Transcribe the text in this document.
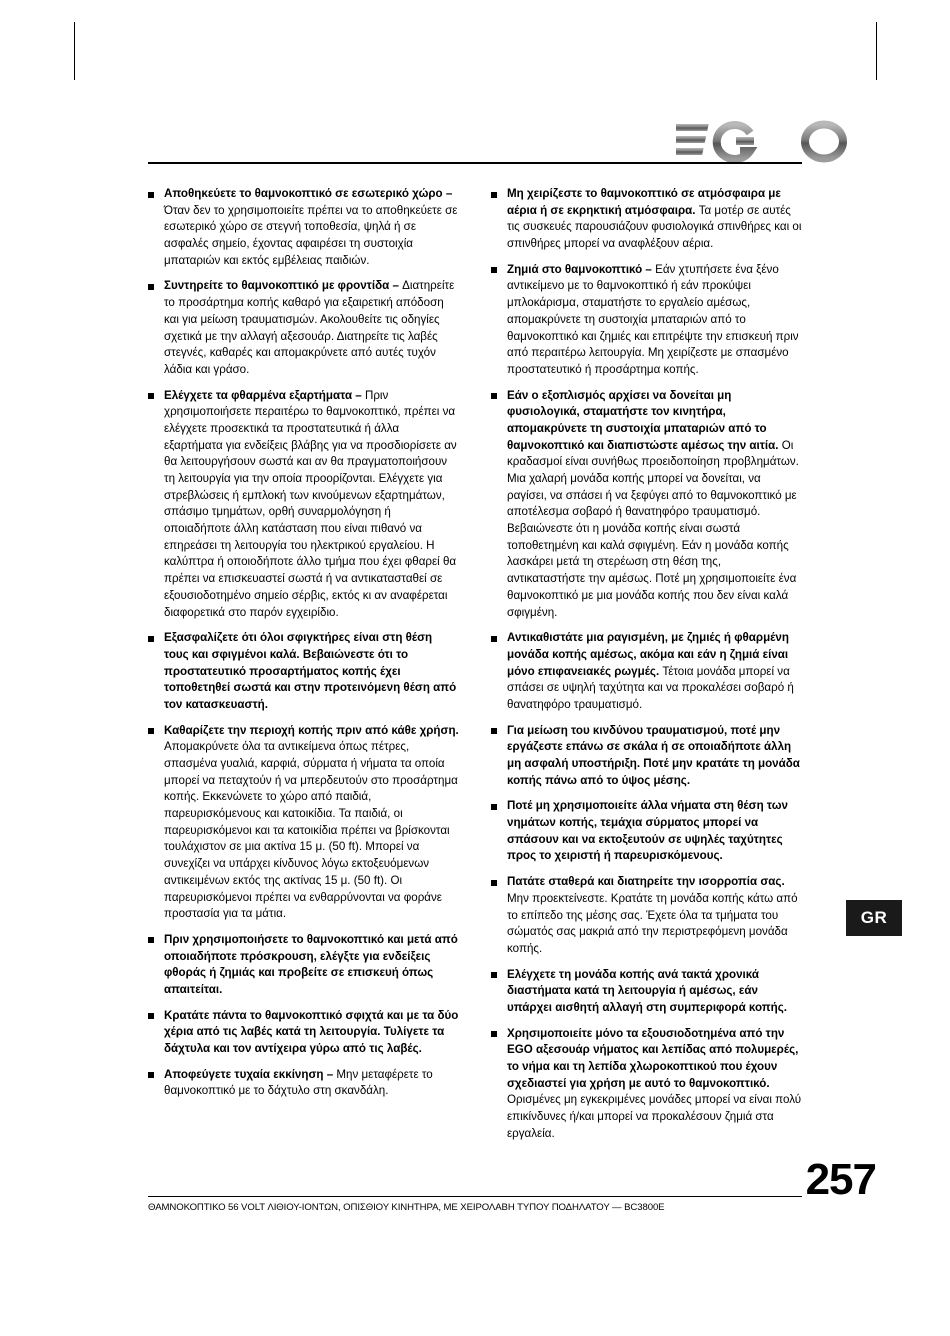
GR
Αποθηκεύετε το θαμνοκοπτικό σε εσωτερικό χώρο – Όταν δεν το χρησιμοποιείτε πρέπει να το αποθηκεύετε σε εσωτερικό χώρο σε στεγνή τοποθεσία, ψηλά ή σε ασφαλές σημείο, έχοντας αφαιρέσει τη συστοιχία μπαταριών και εκτός εμβέλειας παιδιών.
Συντηρείτε το θαμνοκοπτικό με φροντίδα – Διατηρείτε το προσάρτημα κοπής καθαρό για εξαιρετική απόδοση και για μείωση τραυματισμών. Ακολουθείτε τις οδηγίες σχετικά με την αλλαγή αξεσουάρ. Διατηρείτε τις λαβές στεγνές, καθαρές και απομακρύνετε από αυτές τυχόν λάδια και γράσο.
Ελέγχετε τα φθαρμένα εξαρτήματα – Πριν χρησιμοποιήσετε περαιτέρω το θαμνοκοπτικό, πρέπει να ελέγχετε προσεκτικά τα προστατευτικά ή άλλα εξαρτήματα για ενδείξεις βλάβης για να προσδιορίσετε αν θα λειτουργήσουν σωστά και αν θα πραγματοποιήσουν τη λειτουργία για την οποία προορίζονται. Ελέγχετε για στρεβλώσεις ή εμπλοκή των κινούμενων εξαρτημάτων, σπάσιμο τμημάτων, ορθή συναρμολόγηση ή οποιαδήποτε άλλη κατάσταση που είναι πιθανό να επηρεάσει τη λειτουργία του ηλεκτρικού εργαλείου. Η καλύπτρα ή οποιοδήποτε άλλο τμήμα που έχει φθαρεί θα πρέπει να επισκευαστεί σωστά ή να αντικατασταθεί σε εξουσιοδοτημένο σημείο σέρβις, εκτός κι αν αναφέρεται διαφορετικά στο παρόν εγχειρίδιο.
Εξασφαλίζετε ότι όλοι σφιγκτήρες είναι στη θέση τους και σφιγμένοι καλά. Βεβαιώνεστε ότι το προστατευτικό προσαρτήματος κοπής έχει τοποθετηθεί σωστά και στην προτεινόμενη θέση από τον κατασκευαστή.
Καθαρίζετε την περιοχή κοπής πριν από κάθε χρήση. Απομακρύνετε όλα τα αντικείμενα όπως πέτρες, σπασμένα γυαλιά, καρφιά, σύρματα ή νήματα τα οποία μπορεί να πεταχτούν ή να μπερδευτούν στο προσάρτημα κοπής. Εκκενώνετε το χώρο από παιδιά, παρευρισκόμενους και κατοικίδια. Τα παιδιά, οι παρευρισκόμενοι και τα κατοικίδια πρέπει να βρίσκονται τουλάχιστον σε μια ακτίνα 15 μ. (50 ft). Μπορεί να συνεχίζει να υπάρχει κίνδυνος λόγω εκτοξευόμενων αντικειμένων εκτός της ακτίνας 15 μ. (50 ft). Οι παρευρισκόμενοι πρέπει να ενθαρρύνονται να φοράνε προστασία για τα μάτια.
Πριν χρησιμοποιήσετε το θαμνοκοπτικό και μετά από οποιαδήποτε πρόσκρουση, ελέγξτε για ενδείξεις φθοράς ή ζημιάς και προβείτε σε επισκευή όπως απαιτείται.
Κρατάτε πάντα το θαμνοκοπτικό σφιχτά και με τα δύο χέρια από τις λαβές κατά τη λειτουργία. Τυλίγετε τα δάχτυλα και τον αντίχειρα γύρω από τις λαβές.
Αποφεύγετε τυχαία εκκίνηση – Μην μεταφέρετε το θαμνοκοπτικό με το δάχτυλο στη σκανδάλη.
Μη χειρίζεστε το θαμνοκοπτικό σε ατμόσφαιρα με αέρια ή σε εκρηκτική ατμόσφαιρα. Τα μοτέρ σε αυτές τις συσκευές παρουσιάζουν φυσιολογικά σπινθήρες και οι σπινθήρες μπορεί να αναφλέξουν αέρια.
Ζημιά στο θαμνοκοπτικό – Εάν χτυπήσετε ένα ξένο αντικείμενο με το θαμνοκοπτικό ή εάν προκύψει μπλοκάρισμα, σταματήστε το εργαλείο αμέσως, απομακρύνετε τη συστοιχία μπαταριών από το θαμνοκοπτικό και ζημιές και επιτρέψτε την επισκευή πριν από περαιτέρω λειτουργία. Μη χειρίζεστε με σπασμένο προστατευτικό ή προσάρτημα κοπής.
Εάν ο εξοπλισμός αρχίσει να δονείται μη φυσιολογικά, σταματήστε τον κινητήρα, απομακρύνετε τη συστοιχία μπαταριών από το θαμνοκοπτικό και διαπιστώστε αμέσως την αιτία. Οι κραδασμοί είναι συνήθως προειδοποίηση προβλημάτων. Μια χαλαρή μονάδα κοπής μπορεί να δονείται, να ραγίσει, να σπάσει ή να ξεφύγει από το θαμνοκοπτικό με αποτέλεσμα σοβαρό ή θανατηφόρο τραυματισμό. Βεβαιώνεστε ότι η μονάδα κοπής είναι σωστά τοποθετημένη και καλά σφιγμένη. Εάν η μονάδα κοπής λασκάρει μετά τη στερέωση στη θέση της, αντικαταστήστε την αμέσως. Ποτέ μη χρησιμοποιείτε ένα θαμνοκοπτικό με μια μονάδα κοπής που δεν είναι καλά σφιγμένη.
Αντικαθιστάτε μια ραγισμένη, με ζημιές ή φθαρμένη μονάδα κοπής αμέσως, ακόμα και εάν η ζημιά είναι μόνο επιφανειακές ρωγμές. Τέτοια μονάδα μπορεί να σπάσει σε υψηλή ταχύτητα και να προκαλέσει σοβαρό ή θανατηφόρο τραυματισμό.
Για μείωση του κινδύνου τραυματισμού, ποτέ μην εργάζεστε επάνω σε σκάλα ή σε οποιαδήποτε άλλη μη ασφαλή υποστήριξη. Ποτέ μην κρατάτε τη μονάδα κοπής πάνω από το ύψος μέσης.
Ποτέ μη χρησιμοποιείτε άλλα νήματα στη θέση των νημάτων κοπής, τεμάχια σύρματος μπορεί να σπάσουν και να εκτοξευτούν σε υψηλές ταχύτητες προς το χειριστή ή παρευρισκόμενους.
Πατάτε σταθερά και διατηρείτε την ισορροπία σας. Μην προεκτείνεστε. Κρατάτε τη μονάδα κοπής κάτω από το επίπεδο της μέσης σας. Έχετε όλα τα τμήματα του σώματός σας μακριά από την περιστρεφόμενη μονάδα κοπής.
Ελέγχετε τη μονάδα κοπής ανά τακτά χρονικά διαστήματα κατά τη λειτουργία ή αμέσως, εάν υπάρχει αισθητή αλλαγή στη συμπεριφορά κοπής.
Χρησιμοποιείτε μόνο τα εξουσιοδοτημένα από την EGO αξεσουάρ νήματος και λεπίδας από πολυμερές, το νήμα και τη λεπίδα χλωροκοπτικού που έχουν σχεδιαστεί για χρήση με αυτό το θαμνοκοπτικό. Ορισμένες μη εγκεκριμένες μονάδες μπορεί να είναι πολύ επικίνδυνες ή/και μπορεί να προκαλέσουν ζημιά στα εργαλεία.
257
ΘΑΜΝΟΚΟΠΤΙΚΟ 56 VOLT ΛΙΘΙΟΥ-ΙΟΝΤΩΝ, ΟΠΙΣΘΙΟΥ ΚΙΝΗΤΗΡΑ, ΜΕ ΧΕΙΡΟΛΑΒΗ ΤΥΠΟΥ ΠΟΔΗΛΑΤΟΥ — BC3800E
